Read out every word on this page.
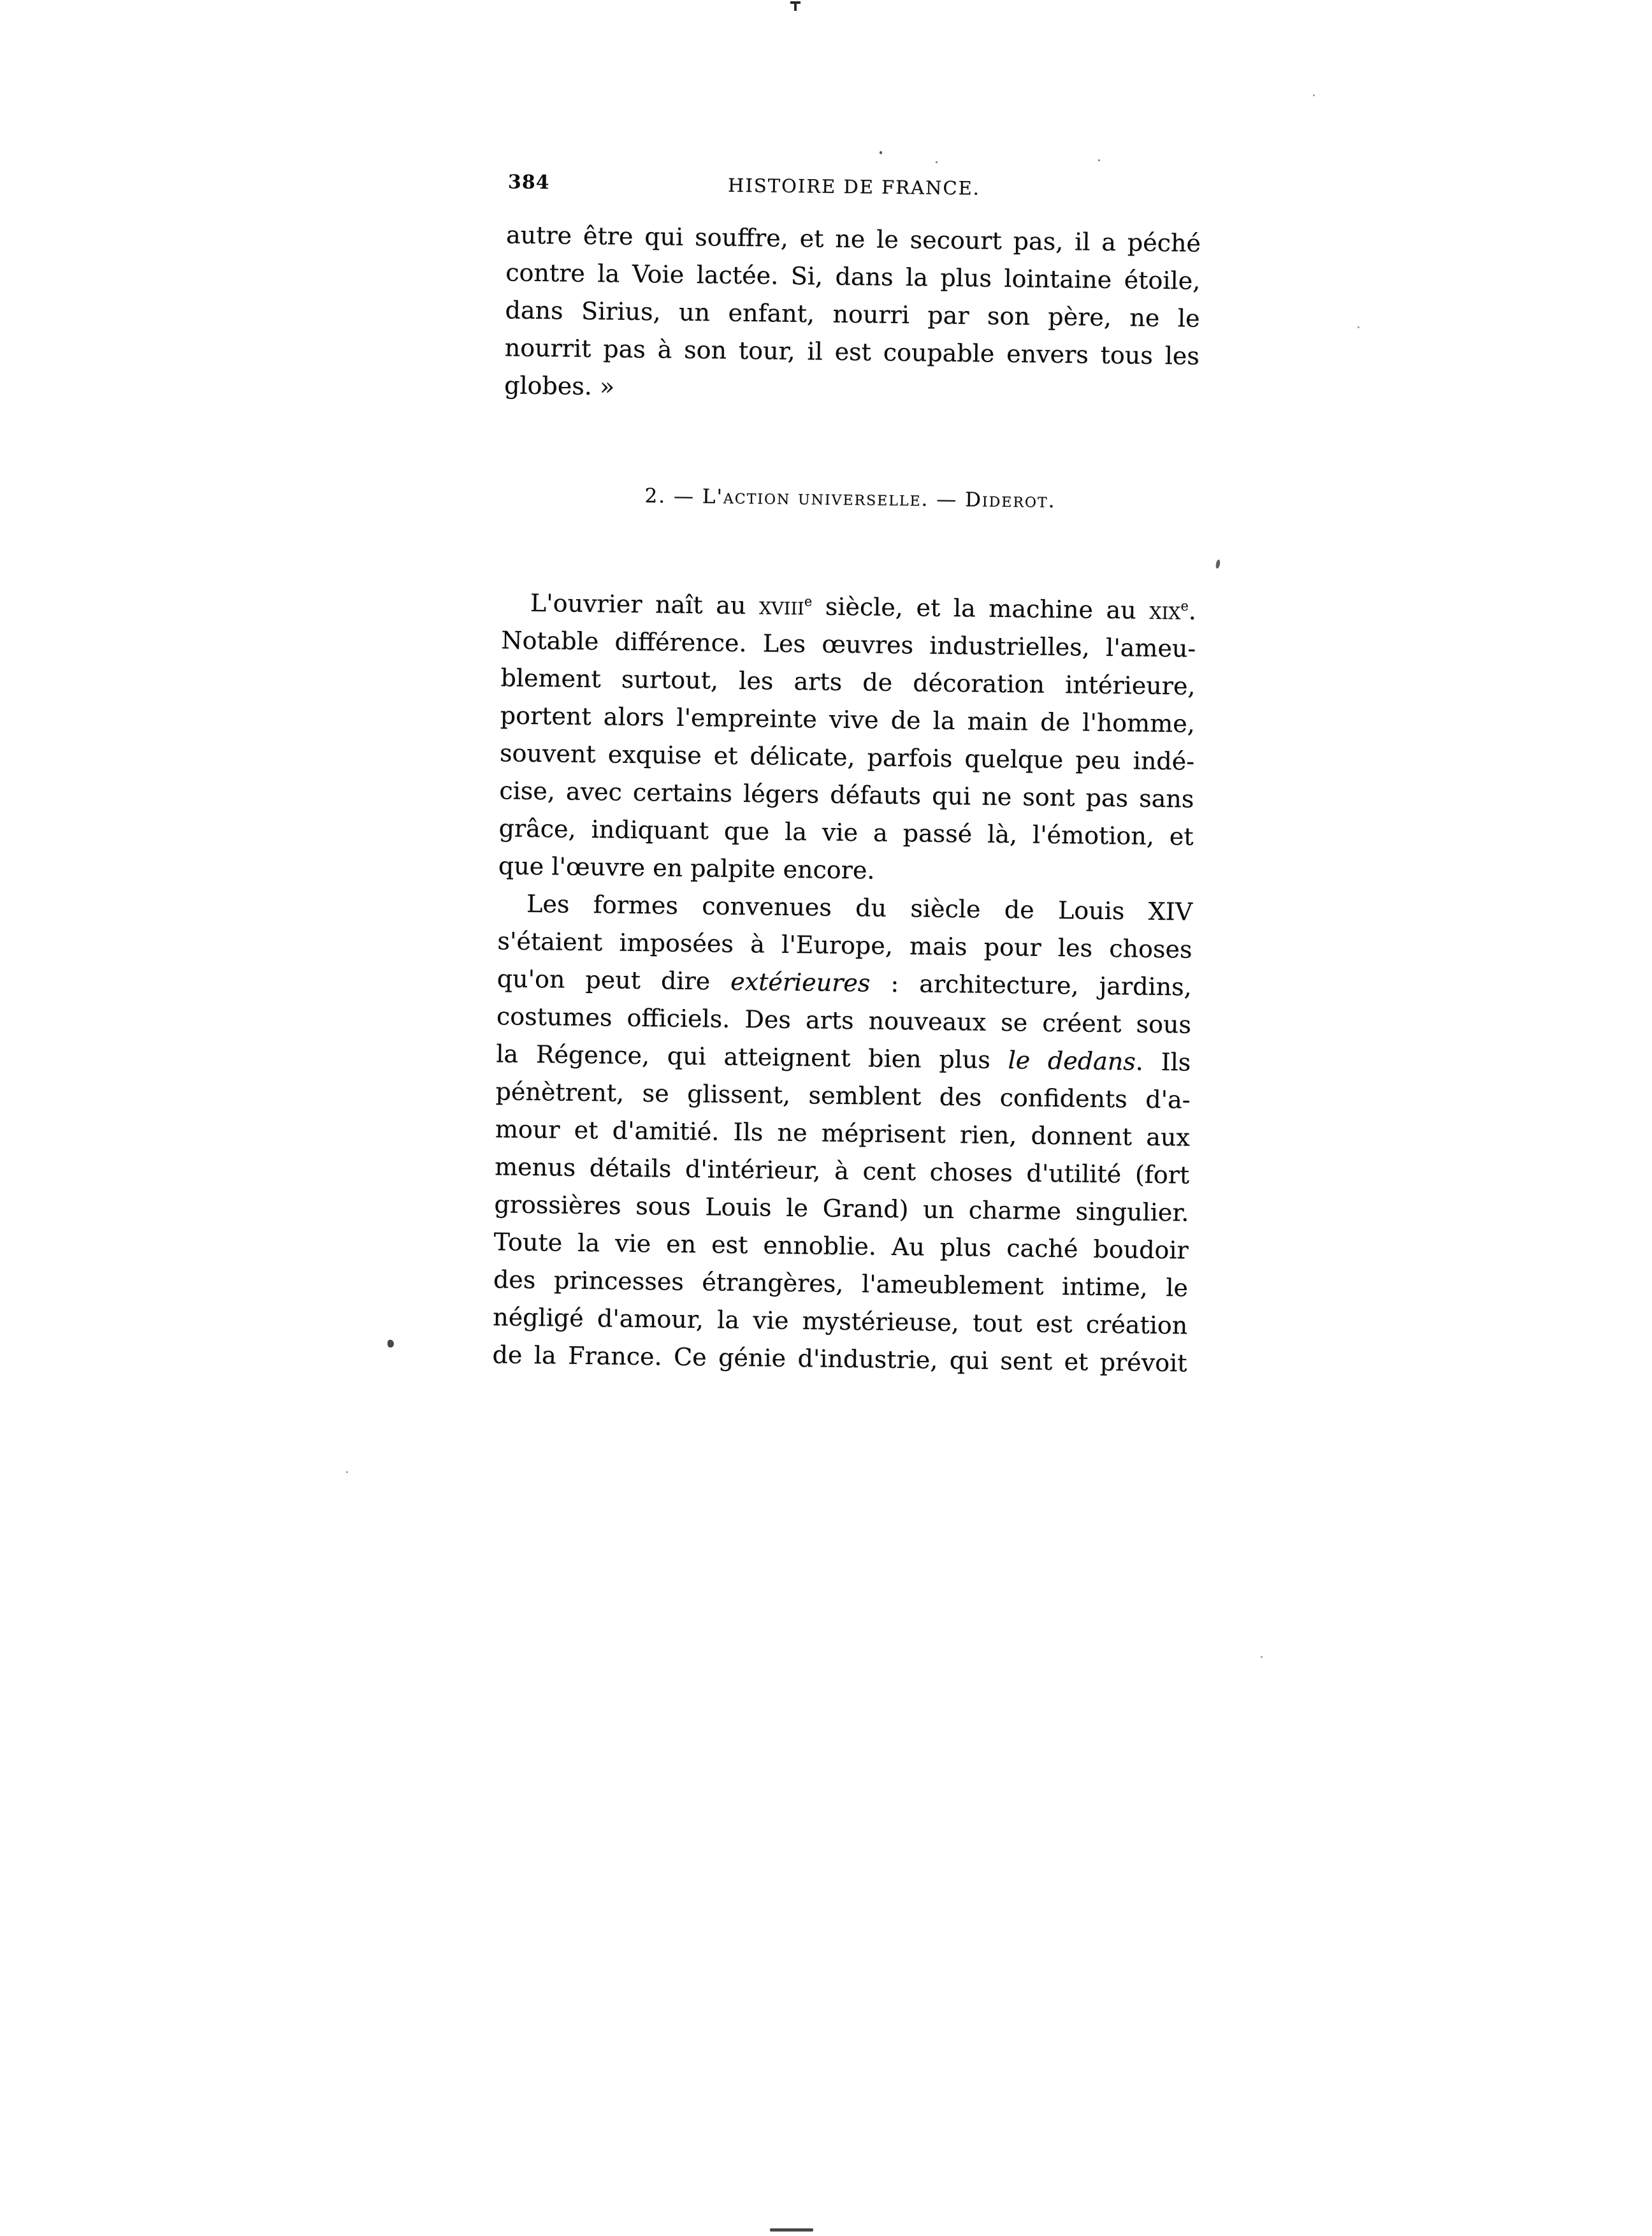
384	HISTOIRE DE FRANCE.
autre être qui souffre, et ne le secourt pas, il a péché
contre la Voie lactée. Si, dans la plus lointaine étoile,
dans Sirius, un enfant, nourri par son père, ne le
nourrit pas à son tour, il est coupable envers tous les
globes. »
2. — L'action universelle. — Diderot.
L'ouvrier naît au xviii$^e$ siècle, et la machine au xix$^e$.
Notable différence. Les œuvres industrielles, l'ameu-
blement surtout, les arts de décoration intérieure,
portent alors l'empreinte vive de la main de l'homme,
souvent exquise et délicate, parfois quelque peu indé-
cise, avec certains légers défauts qui ne sont pas sans
grâce, indiquant que la vie a passé là, l'émotion, et
que l'œuvre en palpite encore.
Les formes convenues du siècle de Louis XIV
s'étaient imposées à l'Europe, mais pour les choses
qu'on peut dire extérieures : architecture, jardins,
costumes officiels. Des arts nouveaux se créent sous
la Régence, qui atteignent bien plus le dedans. Ils
pénètrent, se glissent, semblent des confidents d'a-
mour et d'amitié. Ils ne méprisent rien, donnent aux
menus détails d'intérieur, à cent choses d'utilité (fort
grossières sous Louis le Grand) un charme singulier.
Toute la vie en est ennoblie. Au plus caché boudoir
des princesses étrangères, l'ameublement intime, le
négligé d'amour, la vie mystérieuse, tout est création
de la France. Ce génie d'industrie, qui sent et prévoit
